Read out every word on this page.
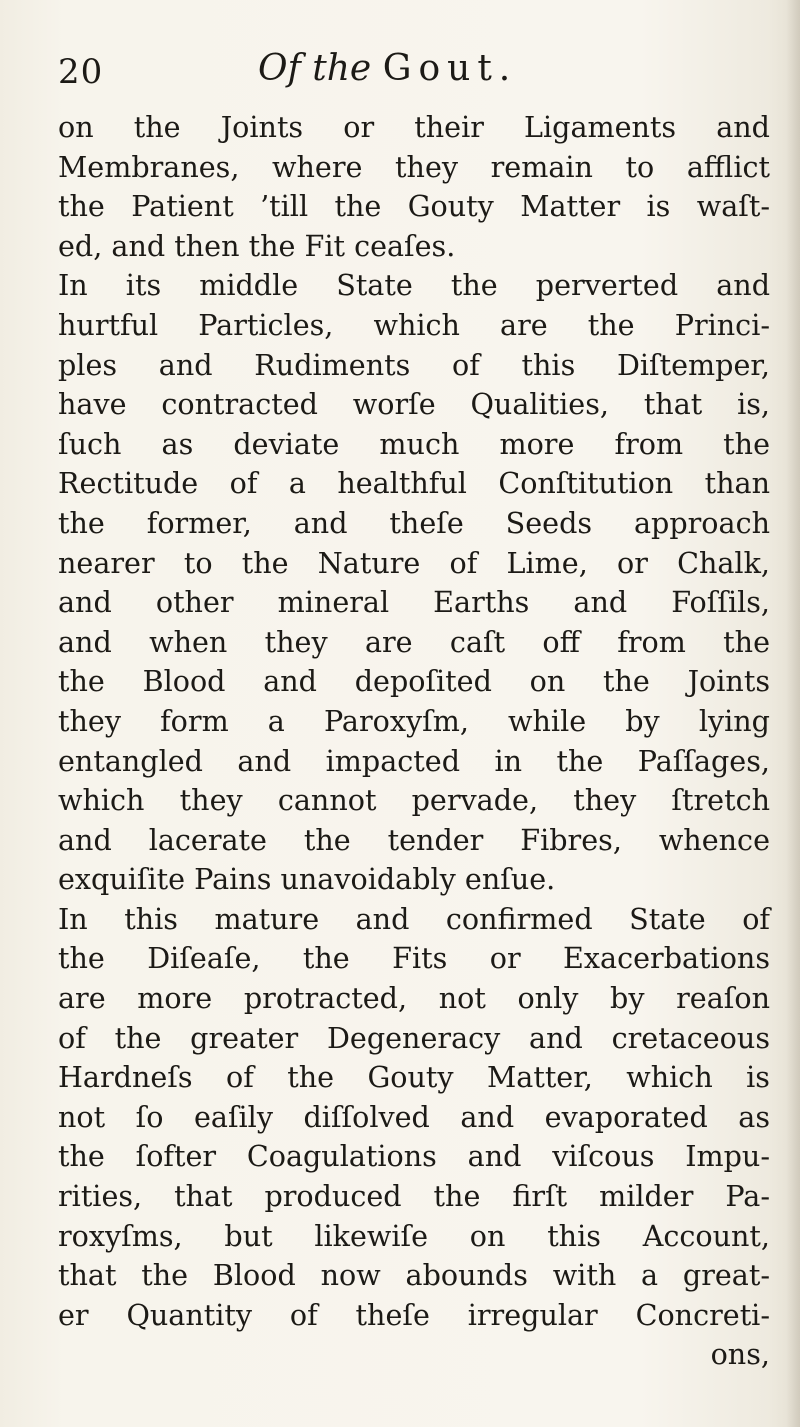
20	Of the Gout.
on the Joints or their Ligaments and
Membranes, where they remain to afflict
the Patient ’till the Gouty Matter is waſt-
ed, and then the Fit ceaſes.
In its middle State the perverted and
hurtful Particles, which are the Princi-
ples and Rudiments of this Diſtemper,
have contracted worſe Qualities, that is,
ſuch as deviate much more from the
Rectitude of a healthful Conſtitution than
the former, and theſe Seeds approach
nearer to the Nature of Lime, or Chalk,
and other mineral Earths and Foſſils,
and when they are caſt off from the
the Blood and depoſited on the Joints
they form a Paroxyſm, while by lying
entangled and impacted in the Paſſages,
which they cannot pervade, they ſtretch
and lacerate the tender Fibres, whence
exquiſite Pains unavoidably enſue.
In this mature and confirmed State of
the Diſeaſe, the Fits or Exacerbations
are more protracted, not only by reaſon
of the greater Degeneracy and cretaceous
Hardneſs of the Gouty Matter, which is
not ſo eaſily diſſolved and evaporated as
the ſofter Coagulations and viſcous Impu-
rities, that produced the firſt milder Pa-
roxyſms, but likewiſe on this Account,
that the Blood now abounds with a great-
er Quantity of theſe irregular Concreti-
ons,
